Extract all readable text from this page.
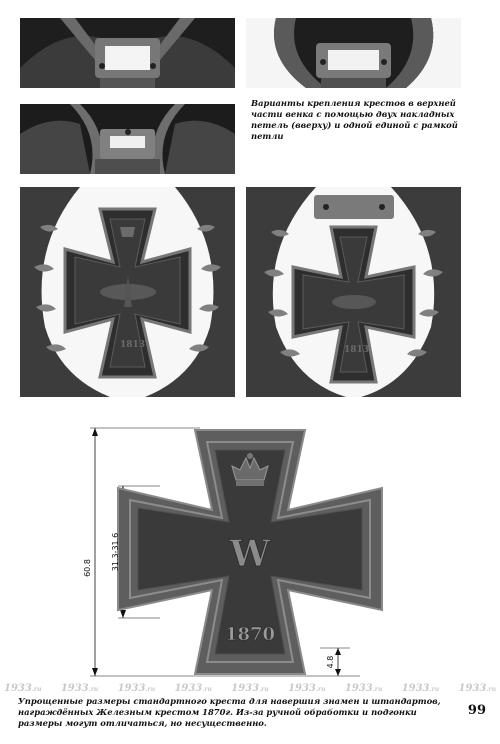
Варианты крепления крестов в верхней части венка с помощью двух накладных петель (вверху) и одной единой с рамкой петли
1813	1813
W
1870
60.8 31.3-31.6
4.8
1933.ru 1933.ru 1933.ru 1933.ru 1933.ru 1933.ru 1933.ru 1933.ru 1933.ru
Упрощенные размеры стандартного креста для навершия знамен и штандартов, награждённых Железным крестом 1870г. Из-за ручной обработки и подгонки размеры могут отличаться, но несущественно.
99
